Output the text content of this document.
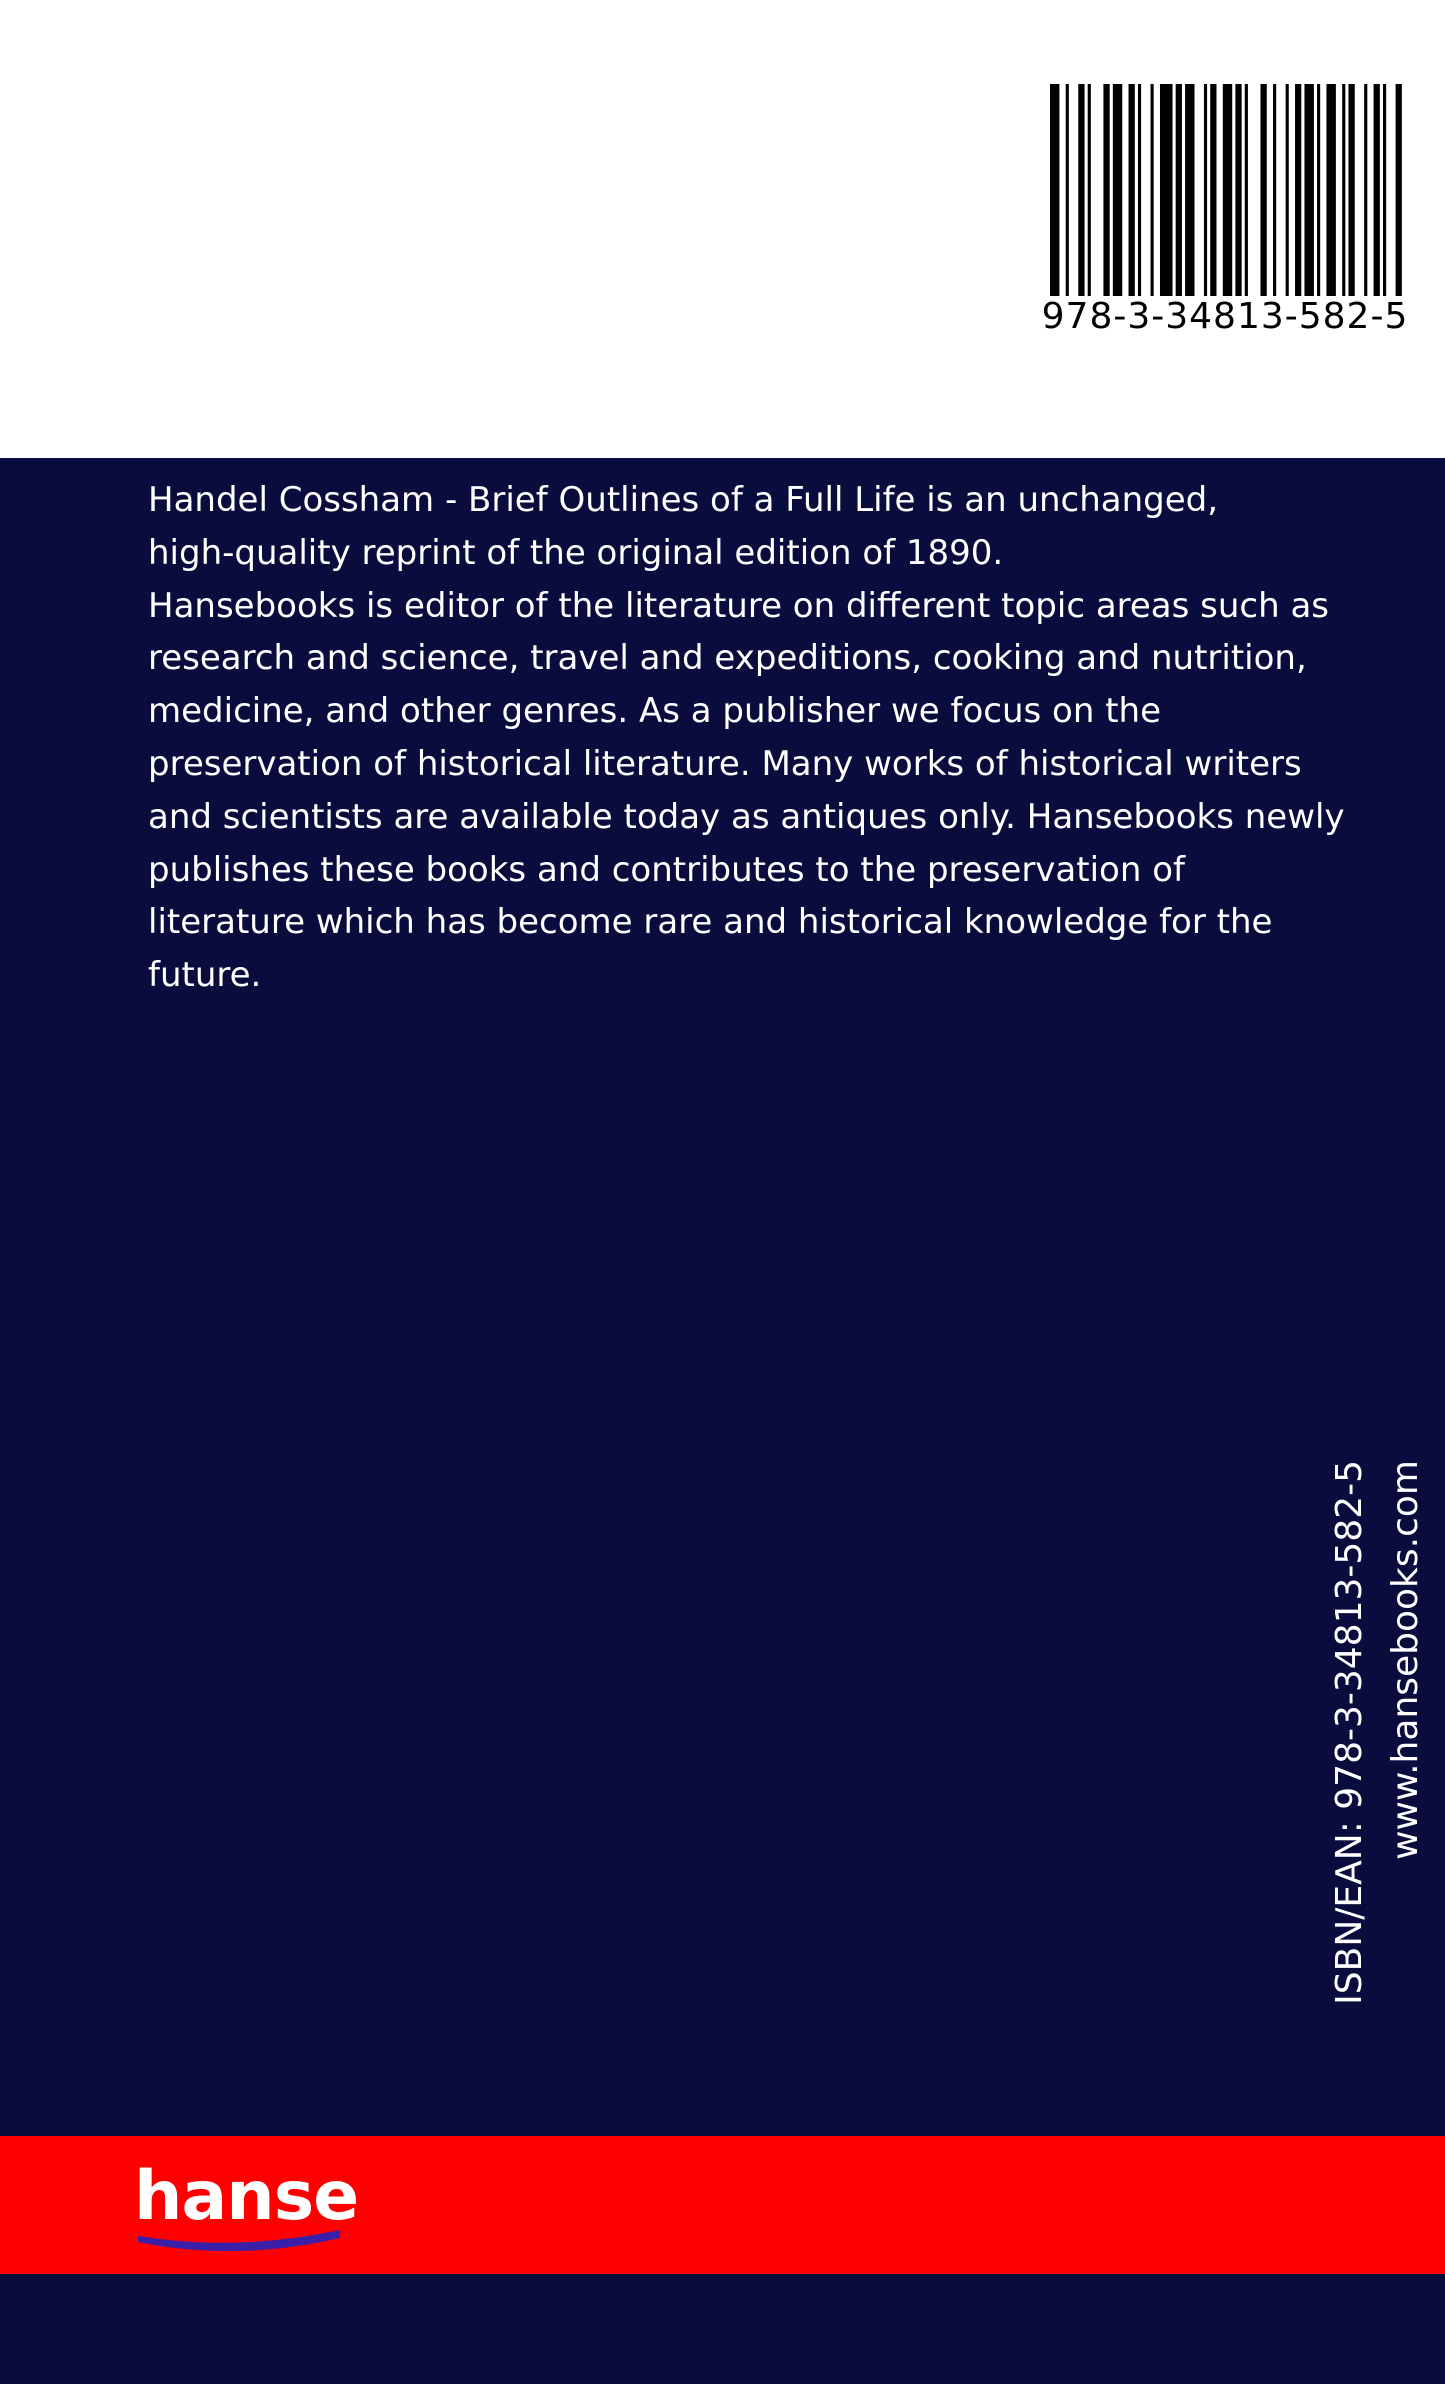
978-3-34813-582-5
Handel Cossham - Brief Outlines of a Full Life is an unchanged,
high-quality reprint of the original edition of 1890.
Hansebooks is editor of the literature on different topic areas such as
research and science, travel and expeditions, cooking and nutrition,
medicine, and other genres. As a publisher we focus on the
preservation of historical literature. Many works of historical writers
and scientists are available today as antiques only. Hansebooks newly
publishes these books and contributes to the preservation of
literature which has become rare and historical knowledge for the
future.
ISBN/EAN: 978-3-34813-582-5 www.hansebooks.com
hanse
